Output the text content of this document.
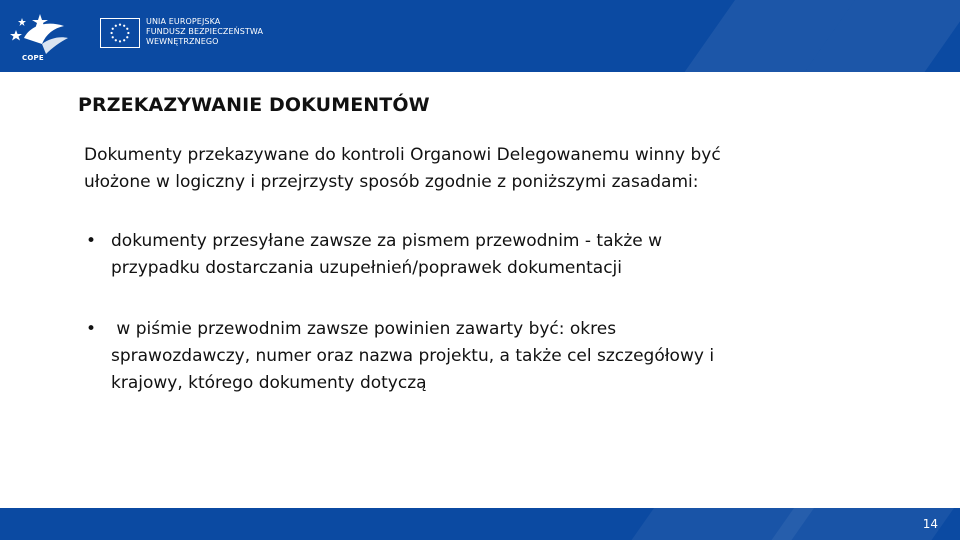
COPE
UNIA EUROPEJSKA
FUNDUSZ BEZPIECZEŃSTWA
WEWNĘTRZNEGO
PRZEKAZYWANIE DOKUMENTÓW

Dokumenty przekazywane do kontroli Organowi Delegowanemu winny być
ułożone w logiczny i przejrzysty sposób zgodnie z poniższymi zasadami:

• dokumenty przesyłane zawsze za pismem przewodnim - także w
przypadku dostarczania uzupełnień/poprawek dokumentacji
• w piśmie przewodnim zawsze powinien zawarty być: okres
sprawozdawczy, numer oraz nazwa projektu, a także cel szczegółowy i
krajowy, którego dokumenty dotyczą
14
